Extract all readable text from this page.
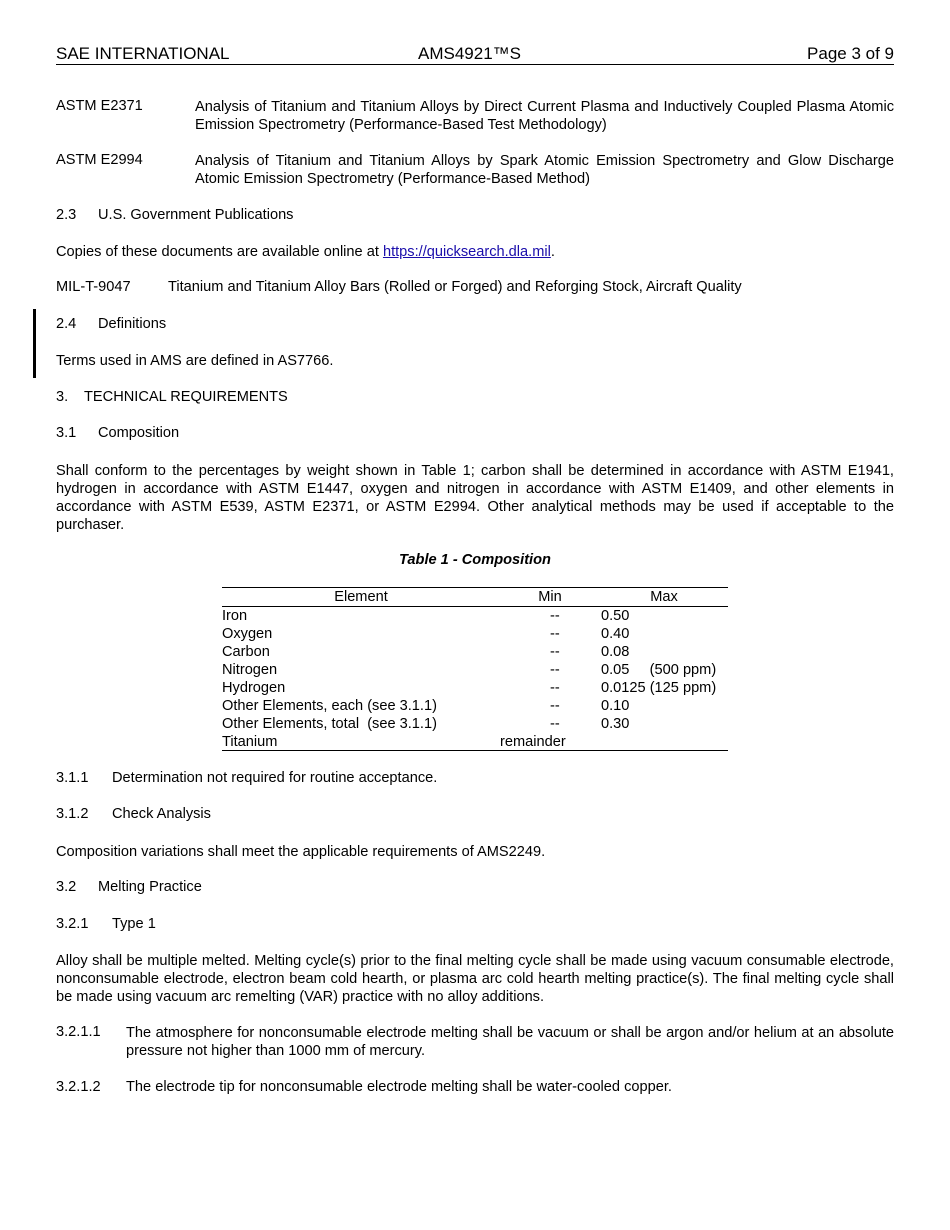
SAE INTERNATIONAL	AMS4921™S	Page 3 of 9
ASTM E2371	Analysis of Titanium and Titanium Alloys by Direct Current Plasma and Inductively Coupled Plasma Atomic Emission Spectrometry (Performance-Based Test Methodology)
ASTM E2994	Analysis of Titanium and Titanium Alloys by Spark Atomic Emission Spectrometry and Glow Discharge Atomic Emission Spectrometry (Performance-Based Method)
2.3 U.S. Government Publications
Copies of these documents are available online at https://quicksearch.dla.mil.
MIL-T-9047	Titanium and Titanium Alloy Bars (Rolled or Forged) and Reforging Stock, Aircraft Quality
2.4 Definitions
Terms used in AMS are defined in AS7766.
3. TECHNICAL REQUIREMENTS
3.1 Composition
Shall conform to the percentages by weight shown in Table 1; carbon shall be determined in accordance with ASTM E1941, hydrogen in accordance with ASTM E1447, oxygen and nitrogen in accordance with ASTM E1409, and other elements in accordance with ASTM E539, ASTM E2371, or ASTM E2994. Other analytical methods may be used if acceptable to the purchaser.
Table 1 - Composition
Element	Min	Max
Iron	--	0.50
Oxygen	--	0.40
Carbon	--	0.08
Nitrogen	--	0.05     (500 ppm)
Hydrogen	--	0.0125 (125 ppm)
Other Elements, each (see 3.1.1)	--	0.10
Other Elements, total  (see 3.1.1)	--	0.30
Titanium	remainder
3.1.1 Determination not required for routine acceptance.
3.1.2 Check Analysis
Composition variations shall meet the applicable requirements of AMS2249.
3.2 Melting Practice
3.2.1 Type 1
Alloy shall be multiple melted. Melting cycle(s) prior to the final melting cycle shall be made using vacuum consumable electrode, nonconsumable electrode, electron beam cold hearth, or plasma arc cold hearth melting practice(s). The final melting cycle shall be made using vacuum arc remelting (VAR) practice with no alloy additions.
3.2.1.1 The atmosphere for nonconsumable electrode melting shall be vacuum or shall be argon and/or helium at an absolute pressure not higher than 1000 mm of mercury.
3.2.1.2 The electrode tip for nonconsumable electrode melting shall be water-cooled copper.
